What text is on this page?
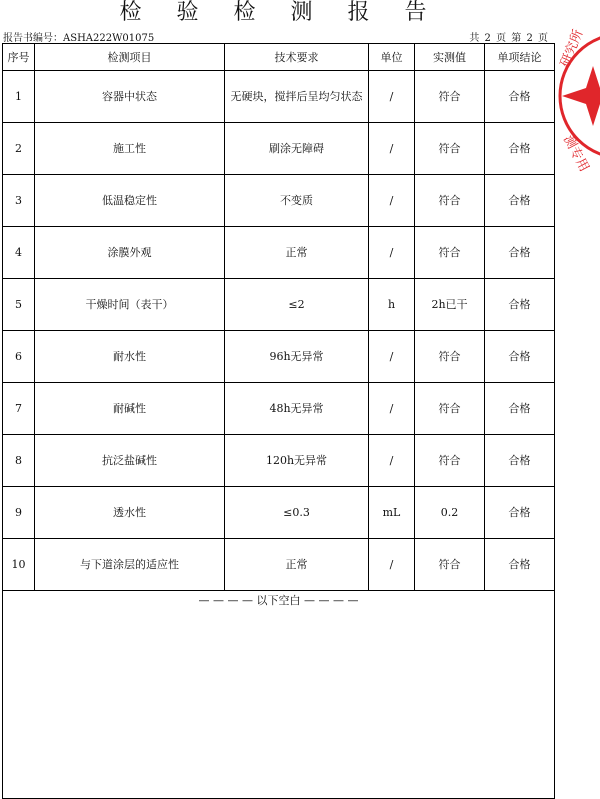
检 验 检 测 报 告
报告书编号：ASHA222W01075	共 2 页 第 2 页
序号	检测项目	技术要求	单位	实测值	单项结论
1	容器中状态	无硬块，搅拌后呈均匀状态	/	符合	合格
2	施工性	刷涂无障碍	/	符合	合格
3	低温稳定性	不变质	/	符合	合格
4	涂膜外观	正常	/	符合	合格
5	干燥时间（表干）	≤2	h	2h已干	合格
6	耐水性	96h无异常	/	符合	合格
7	耐碱性	48h无异常	/	符合	合格
8	抗泛盐碱性	120h无异常	/	符合	合格
9	透水性	≤0.3	mL	0.2	合格
10	与下道涂层的适应性	正常	/	符合	合格
— — — — 以下空白 — — — —					
研究所
测专用
